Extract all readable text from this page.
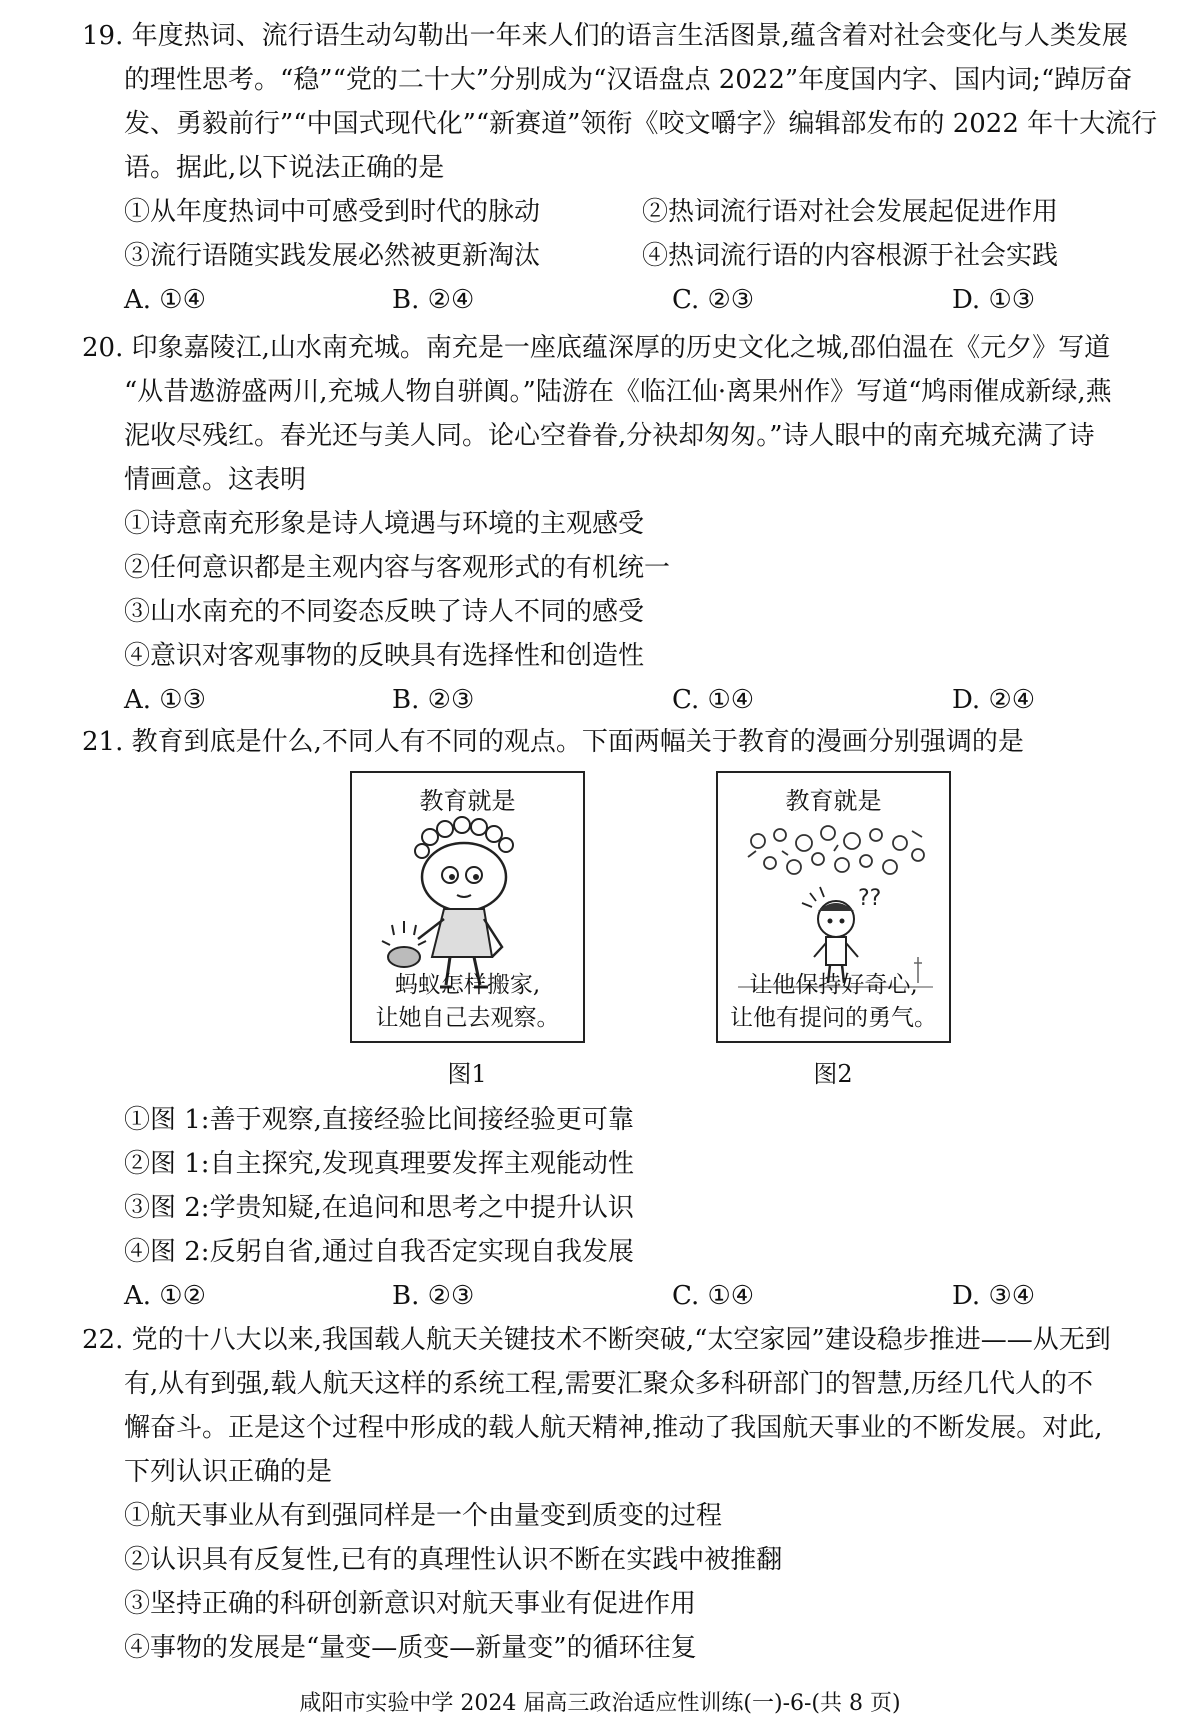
19. 年度热词、流行语生动勾勒出一年来人们的语言生活图景,蕴含着对社会变化与人类发展
的理性思考。“稳”“党的二十大”分别成为“汉语盘点 2022”年度国内字、国内词;“踔厉奋
发、勇毅前行”“中国式现代化”“新赛道”领衔《咬文嚼字》编辑部发布的 2022 年十大流行
语。据此,以下说法正确的是
①从年度热词中可感受到时代的脉动	②热词流行语对社会发展起促进作用
③流行语随实践发展必然被更新淘汰	④热词流行语的内容根源于社会实践
A. ①④	B. ②④	C. ②③	D. ①③
20. 印象嘉陵江,山水南充城。南充是一座底蕴深厚的历史文化之城,邵伯温在《元夕》写道
“从昔遨游盛两川,充城人物自骈阗。”陆游在《临江仙·离果州作》写道“鸠雨催成新绿,燕
泥收尽残红。春光还与美人同。论心空眷眷,分袂却匆匆。”诗人眼中的南充城充满了诗
情画意。这表明
①诗意南充形象是诗人境遇与环境的主观感受
②任何意识都是主观内容与客观形式的有机统一
③山水南充的不同姿态反映了诗人不同的感受
④意识对客观事物的反映具有选择性和创造性
A. ①③	B. ②③	C. ①④	D. ②④
21. 教育到底是什么,不同人有不同的观点。下面两幅关于教育的漫画分别强调的是
教育就是
蚂蚁怎样搬家,
让她自己去观察。
图1
教育就是
??
让他保持好奇心,
让他有提问的勇气。
图2
①图 1:善于观察,直接经验比间接经验更可靠
②图 1:自主探究,发现真理要发挥主观能动性
③图 2:学贵知疑,在追问和思考之中提升认识
④图 2:反躬自省,通过自我否定实现自我发展
A. ①②	B. ②③	C. ①④	D. ③④
22. 党的十八大以来,我国载人航天关键技术不断突破,“太空家园”建设稳步推进——从无到
有,从有到强,载人航天这样的系统工程,需要汇聚众多科研部门的智慧,历经几代人的不
懈奋斗。正是这个过程中形成的载人航天精神,推动了我国航天事业的不断发展。对此,
下列认识正确的是
①航天事业从有到强同样是一个由量变到质变的过程
②认识具有反复性,已有的真理性认识不断在实践中被推翻
③坚持正确的科研创新意识对航天事业有促进作用
④事物的发展是“量变—质变—新量变”的循环往复
咸阳市实验中学 2024 届高三政治适应性训练(一)-6-(共 8 页)
